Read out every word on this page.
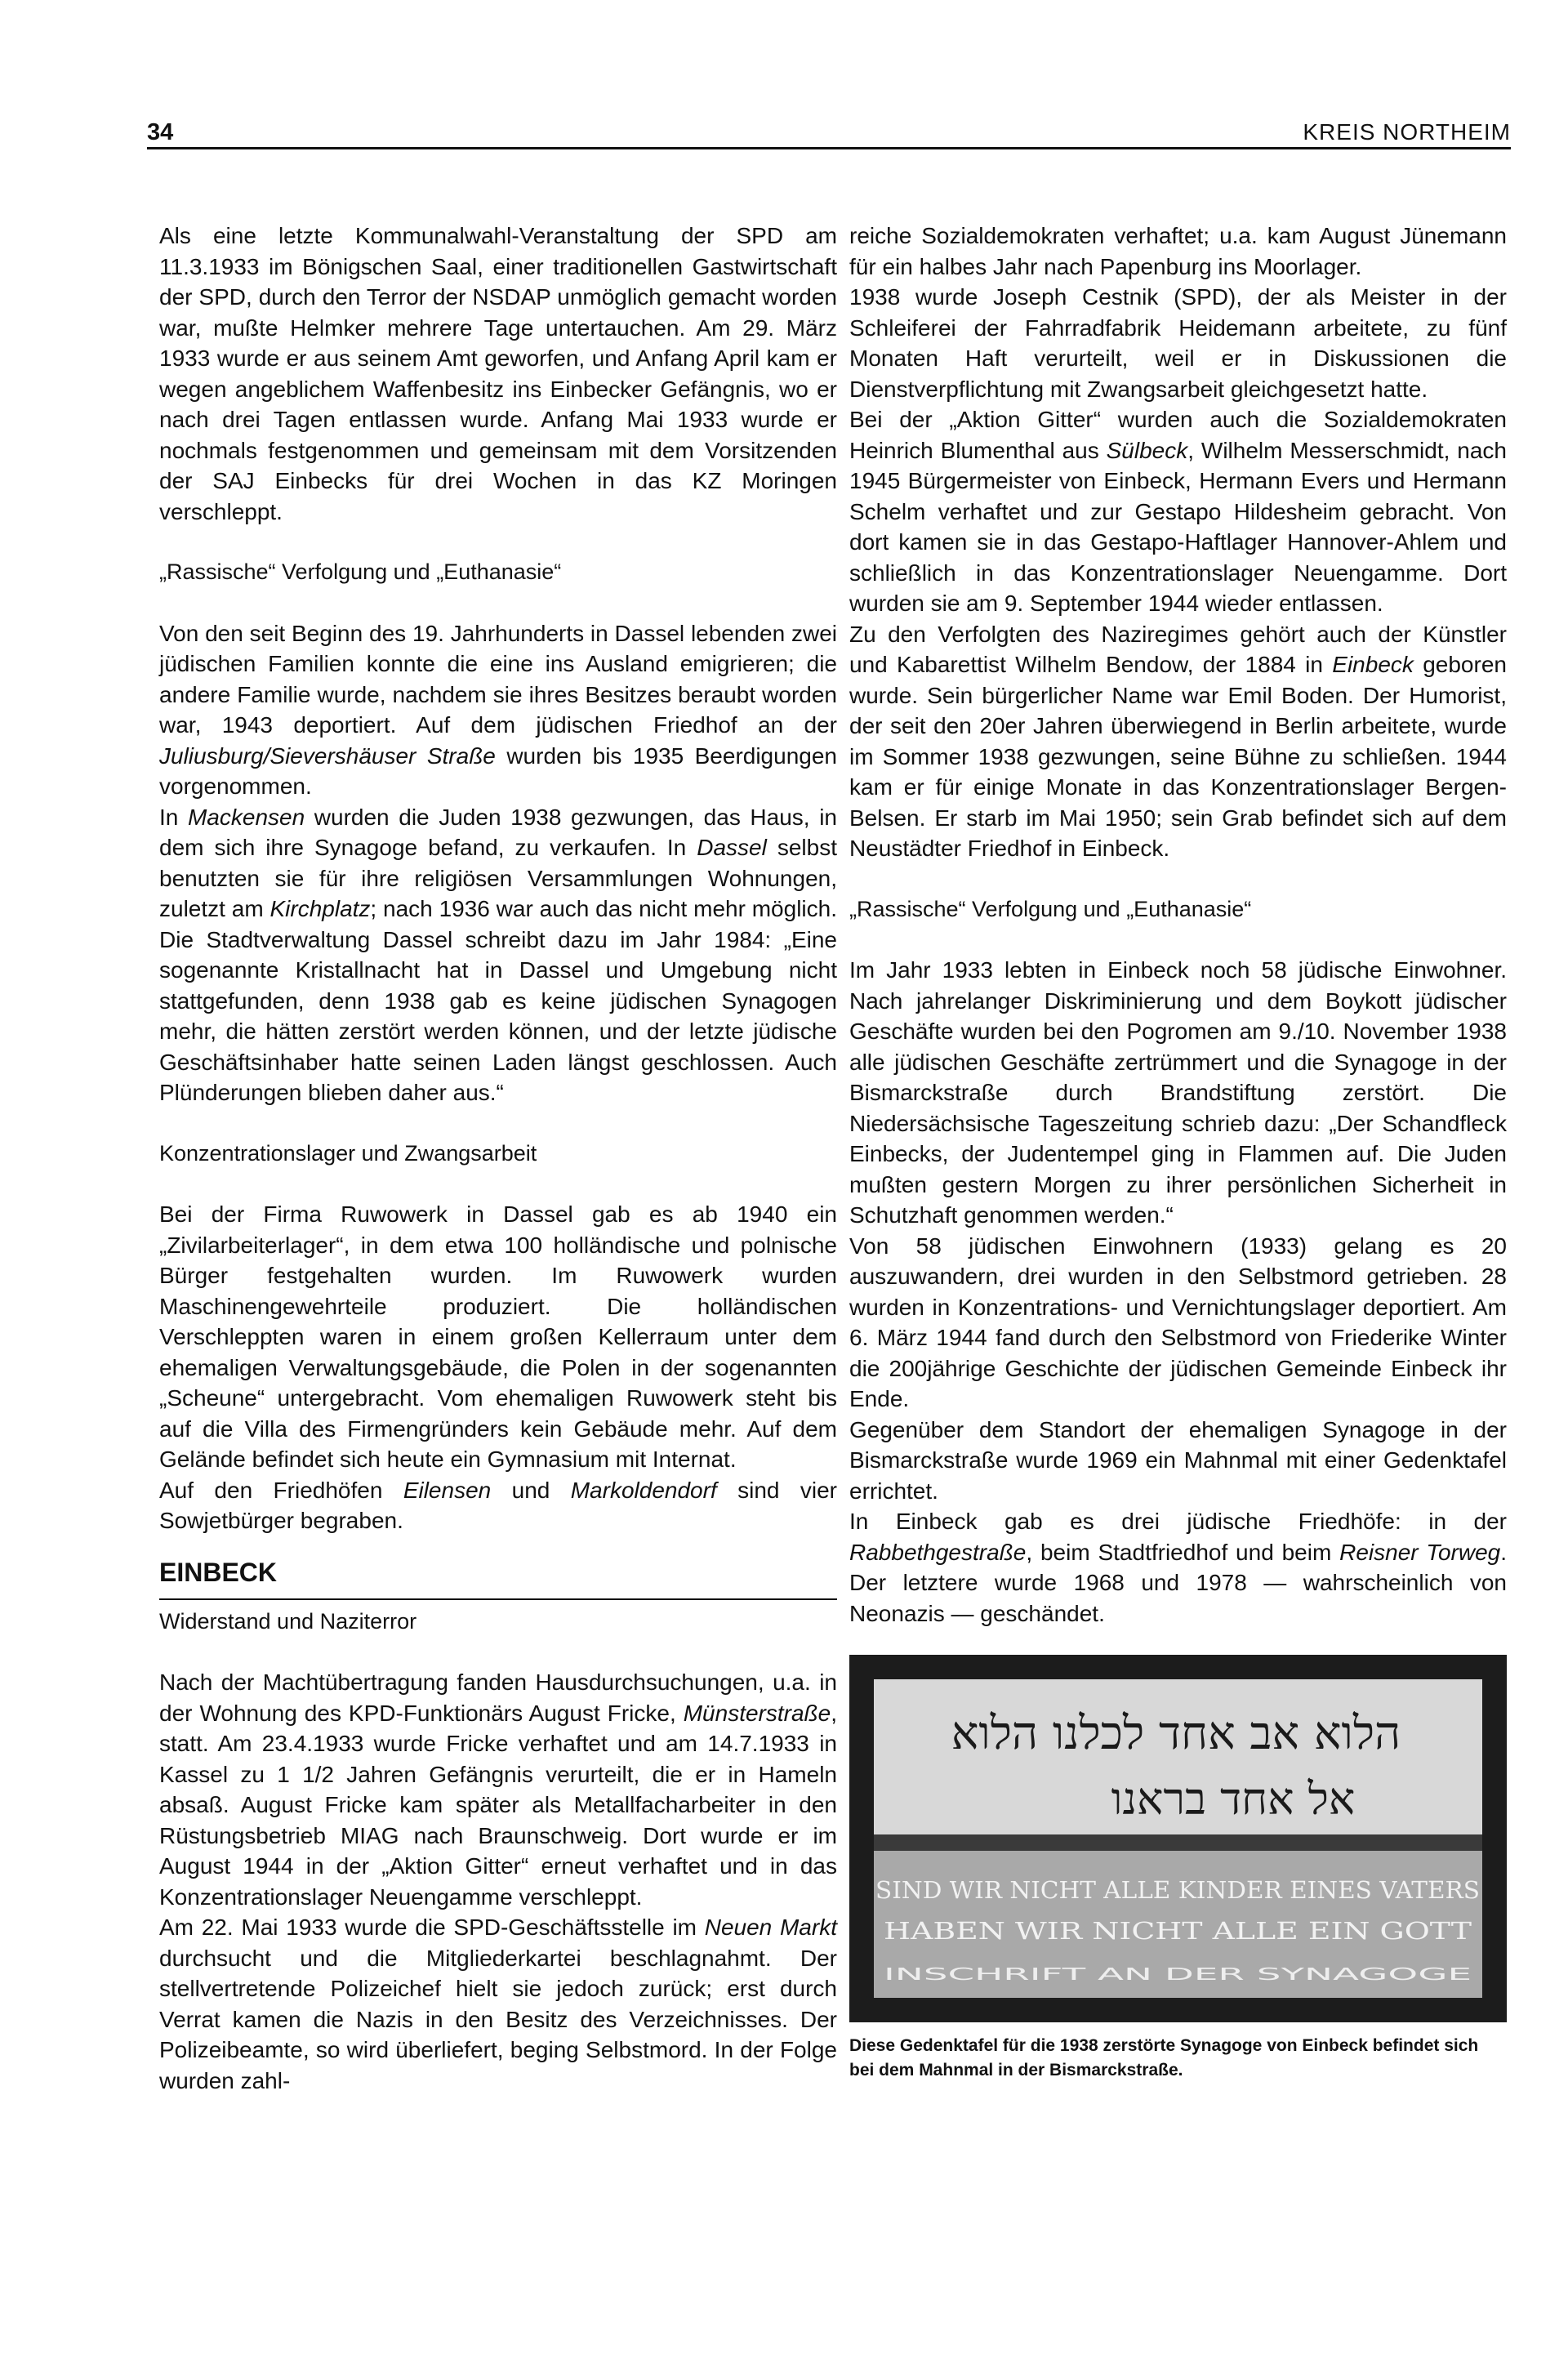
34	KREIS NORTHEIM

Als eine letzte Kommunalwahl-Veranstaltung der SPD am 11.3.1933 im Bönigschen Saal, einer traditionellen Gastwirtschaft der SPD, durch den Terror der NSDAP unmöglich gemacht worden war, mußte Helmker mehrere Tage untertauchen. Am 29. März 1933 wurde er aus seinem Amt geworfen, und Anfang April kam er wegen angeblichem Waffenbesitz ins Einbecker Gefängnis, wo er nach drei Tagen entlassen wurde. Anfang Mai 1933 wurde er nochmals festgenommen und gemeinsam mit dem Vorsitzenden der SAJ Einbecks für drei Wochen in das KZ Moringen verschleppt.

„Rassische“ Verfolgung und „Euthanasie“

Von den seit Beginn des 19. Jahrhunderts in Dassel lebenden zwei jüdischen Familien konnte die eine ins Ausland emigrieren; die andere Familie wurde, nachdem sie ihres Besitzes beraubt worden war, 1943 deportiert. Auf dem jüdischen Friedhof an der Juliusburg/Sievershäuser Straße wurden bis 1935 Beerdigungen vorgenommen.

In Mackensen wurden die Juden 1938 gezwungen, das Haus, in dem sich ihre Synagoge befand, zu verkaufen. In Dassel selbst benutzten sie für ihre religiösen Versammlungen Wohnungen, zuletzt am Kirchplatz; nach 1936 war auch das nicht mehr möglich. Die Stadtverwaltung Dassel schreibt dazu im Jahr 1984: „Eine sogenannte Kristallnacht hat in Dassel und Umgebung nicht stattgefunden, denn 1938 gab es keine jüdischen Synagogen mehr, die hätten zerstört werden können, und der letzte jüdische Geschäftsinhaber hatte seinen Laden längst geschlossen. Auch Plünderungen blieben daher aus.“

Konzentrationslager und Zwangsarbeit

Bei der Firma Ruwowerk in Dassel gab es ab 1940 ein „Zivilarbeiterlager“, in dem etwa 100 holländische und polnische Bürger festgehalten wurden. Im Ruwowerk wurden Maschinengewehrteile produziert. Die holländischen Verschleppten waren in einem großen Kellerraum unter dem ehemaligen Verwaltungsgebäude, die Polen in der sogenannten „Scheune“ untergebracht. Vom ehemaligen Ruwowerk steht bis auf die Villa des Firmengründers kein Gebäude mehr. Auf dem Gelände befindet sich heute ein Gymnasium mit Internat.

Auf den Friedhöfen Eilensen und Markoldendorf sind vier Sowjetbürger begraben.

EINBECK
Widerstand und Naziterror

Nach der Machtübertragung fanden Hausdurchsuchungen, u.a. in der Wohnung des KPD-Funktionärs August Fricke, Münsterstraße, statt. Am 23.4.1933 wurde Fricke verhaftet und am 14.7.1933 in Kassel zu 1 1/2 Jahren Gefängnis verurteilt, die er in Hameln absaß. August Fricke kam später als Metallfacharbeiter in den Rüstungsbetrieb MIAG nach Braunschweig. Dort wurde er im August 1944 in der „Aktion Gitter“ erneut verhaftet und in das Konzentrationslager Neuengamme verschleppt.

Am 22. Mai 1933 wurde die SPD-Geschäftsstelle im Neuen Markt durchsucht und die Mitgliederkartei beschlagnahmt. Der stellvertretende Polizeichef hielt sie jedoch zurück; erst durch Verrat kamen die Nazis in den Besitz des Verzeichnisses. Der Polizeibeamte, so wird überliefert, beging Selbstmord. In der Folge wurden zahl-

reiche Sozialdemokraten verhaftet; u.a. kam August Jünemann für ein halbes Jahr nach Papenburg ins Moorlager.

1938 wurde Joseph Cestnik (SPD), der als Meister in der Schleiferei der Fahrradfabrik Heidemann arbeitete, zu fünf Monaten Haft verurteilt, weil er in Diskussionen die Dienstverpflichtung mit Zwangsarbeit gleichgesetzt hatte.

Bei der „Aktion Gitter“ wurden auch die Sozialdemokraten Heinrich Blumenthal aus Sülbeck, Wilhelm Messerschmidt, nach 1945 Bürgermeister von Einbeck, Hermann Evers und Hermann Schelm verhaftet und zur Gestapo Hildesheim gebracht. Von dort kamen sie in das Gestapo-Haftlager Hannover-Ahlem und schließlich in das Konzentrationslager Neuengamme. Dort wurden sie am 9. September 1944 wieder entlassen.

Zu den Verfolgten des Naziregimes gehört auch der Künstler und Kabarettist Wilhelm Bendow, der 1884 in Einbeck geboren wurde. Sein bürgerlicher Name war Emil Boden. Der Humorist, der seit den 20er Jahren überwiegend in Berlin arbeitete, wurde im Sommer 1938 gezwungen, seine Bühne zu schließen. 1944 kam er für einige Monate in das Konzentrationslager Bergen-Belsen. Er starb im Mai 1950; sein Grab befindet sich auf dem Neustädter Friedhof in Einbeck.

„Rassische“ Verfolgung und „Euthanasie“

Im Jahr 1933 lebten in Einbeck noch 58 jüdische Einwohner. Nach jahrelanger Diskriminierung und dem Boykott jüdischer Geschäfte wurden bei den Pogromen am 9./10. November 1938 alle jüdischen Geschäfte zertrümmert und die Synagoge in der Bismarckstraße durch Brandstiftung zerstört. Die Niedersächsische Tageszeitung schrieb dazu: „Der Schandfleck Einbecks, der Judentempel ging in Flammen auf. Die Juden mußten gestern Morgen zu ihrer persönlichen Sicherheit in Schutzhaft genommen werden.“

Von 58 jüdischen Einwohnern (1933) gelang es 20 auszuwandern, drei wurden in den Selbstmord getrieben. 28 wurden in Konzentrations- und Vernichtungslager deportiert. Am 6. März 1944 fand durch den Selbstmord von Friederike Winter die 200jährige Geschichte der jüdischen Gemeinde Einbeck ihr Ende.

Gegenüber dem Standort der ehemaligen Synagoge in der Bismarckstraße wurde 1969 ein Mahnmal mit einer Gedenktafel errichtet.

In Einbeck gab es drei jüdische Friedhöfe: in der Rabbethgestraße, beim Stadtfriedhof und beim Reisner Torweg. Der letztere wurde 1968 und 1978 — wahrscheinlich von Neonazis — geschändet.

הלוא אב אחד לכלנו הלוא
אל אחד בראנו
SIND WIR NICHT ALLE KINDER EINES VATERS
HABEN WIR NICHT ALLE EIN GOTT
INSCHRIFT AN DER SYNAGOGE
Diese Gedenktafel für die 1938 zerstörte Synagoge von Einbeck befindet sich bei dem Mahnmal in der Bismarckstraße.
